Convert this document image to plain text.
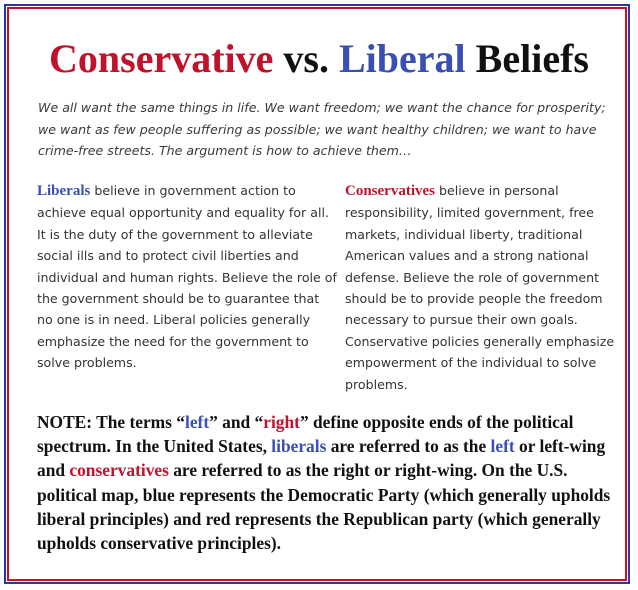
Conservative vs. Liberal Beliefs
We all want the same things in life. We want freedom; we want the chance for prosperity; we want as few people suffering as possible; we want healthy children; we want to have crime-free streets. The argument is how to achieve them…
Liberals believe in government action to achieve equal opportunity and equality for all. It is the duty of the government to alleviate social ills and to protect civil liberties and individual and human rights. Believe the role of the government should be to guarantee that no one is in need. Liberal policies generally emphasize the need for the government to solve problems.
Conservatives believe in personal responsibility, limited government, free markets, individual liberty, traditional American values and a strong national defense. Believe the role of government should be to provide people the freedom necessary to pursue their own goals. Conservative policies generally emphasize empowerment of the individual to solve problems.
NOTE: The terms “left” and “right” define opposite ends of the political spectrum. In the United States, liberals are referred to as the left or left-wing and conservatives are referred to as the right or right-wing. On the U.S. political map, blue represents the Democratic Party (which generally upholds liberal principles) and red represents the Republican party (which generally upholds conservative principles).
